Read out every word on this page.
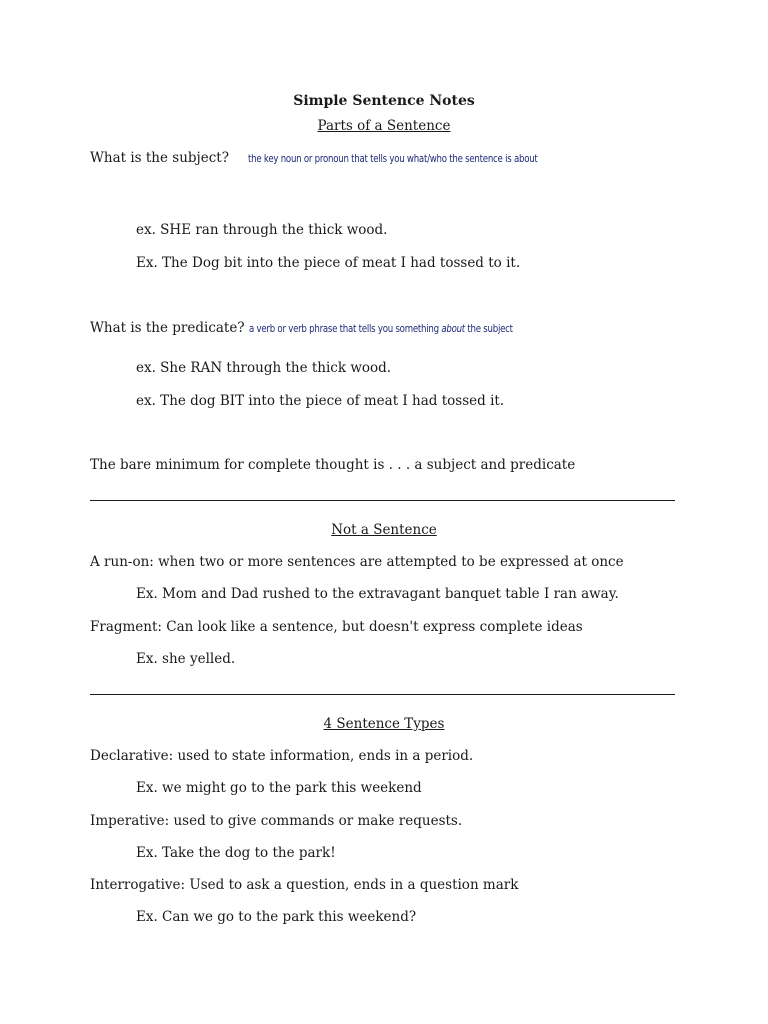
Simple Sentence Notes
Parts of a Sentence
What is the subject? the key noun or pronoun that tells you what/who the sentence is about
ex. SHE ran through the thick wood.
Ex. The Dog bit into the piece of meat I had tossed to it.
What is the predicate? a verb or verb phrase that tells you something about the subject
ex. She RAN through the thick wood.
ex. The dog BIT into the piece of meat I had tossed it.
The bare minimum for complete thought is . . . a subject and predicate
Not a Sentence
A run-on: when two or more sentences are attempted to be expressed at once
Ex. Mom and Dad rushed to the extravagant banquet table I ran away.
Fragment: Can look like a sentence, but doesn't express complete ideas
Ex. she yelled.
4 Sentence Types
Declarative: used to state information, ends in a period.
Ex. we might go to the park this weekend
Imperative: used to give commands or make requests.
Ex. Take the dog to the park!
Interrogative: Used to ask a question, ends in a question mark
Ex. Can we go to the park this weekend?
